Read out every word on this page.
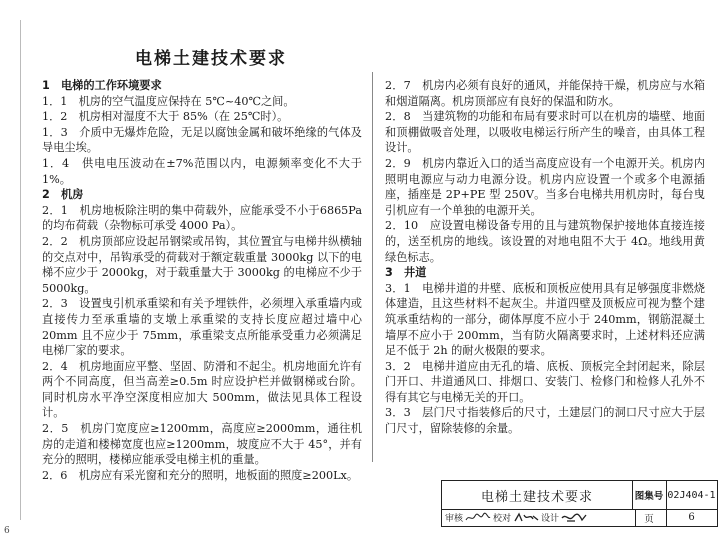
电梯土建技术要求

1　电梯的工作环境要求

1．1　机房的空气温度应保持在 5℃~40℃之间。

1．2　机房相对湿度不大于 85%（在 25℃时）。

1．3　介质中无爆炸危险，无足以腐蚀金属和破坏绝缘的气体及导电尘埃。

1．4　供电电压波动在±7%范围以内，电源频率变化不大于1%。

2　机房

2．1　机房地板除注明的集中荷载外，应能承受不小于6865Pa的均布荷载（杂物标可承受 4000 Pa）。

2．2　机房顶部应设起吊钢梁或吊钩，其位置宜与电梯井纵横轴的交点对中，吊钩承受的荷载对于额定载重量 3000kg 以下的电梯不应少于 2000kg，对于载重量大于 3000kg 的电梯应不少于 5000kg。

2．3　设置曳引机承重梁和有关予埋铁件，必须埋入承重墙内或直接传力至承重墙的支墩上承重梁的支持长度应超过墙中心 20mm 且不应少于 75mm，承重梁支点所能承受重力必须满足电梯厂家的要求。

2．4　机房地面应平整、坚固、防滑和不起尘。机房地面允许有两个不同高度，但当高差≥0.5m 时应设护栏并做钢梯或台阶。同时机房水平净空深度相应加大 500mm，做法见具体工程设计。

2．5　机房门宽度应≥1200mm，高度应≥2000mm，通往机房的走道和楼梯宽度也应≥1200mm，坡度应不大于 45°，并有充分的照明，楼梯应能承受电梯主机的重量。

2．6　机房应有采光窗和充分的照明，地板面的照度≥200Lx。

2．7　机房内必须有良好的通风，并能保持干燥，机房应与水箱和烟道隔离。机房顶部应有良好的保温和防水。

2．8　当建筑物的功能和布局有要求时可以在机房的墙壁、地面和顶棚做吸音处理，以吸收电梯运行所产生的噪音，由具体工程设计。

2．9　机房内靠近入口的适当高度应设有一个电源开关。机房内照明电源应与动力电源分设。机房内应设置一个或多个电源插座，插座是 2P+PE 型 250V。当多台电梯共用机房时，每台曳引机应有一个单独的电源开关。

2．10　应设置电梯设备专用的且与建筑物保护接地体直接连接的，送至机房的地线。该设置的对地电阻不大于 4Ω。地线用黄绿色标志。

3　井道

3．1　电梯井道的井壁、底板和顶板应使用具有足够强度非燃烧体建造，且这些材料不起灰尘。井道四壁及顶板应可视为整个建筑承重结构的一部分，砌体厚度不应小于 240mm，钢筋混凝土墙厚不应小于 200mm，当有防火隔离要求时，上述材料还应满足不低于 2h 的耐火极限的要求。

3．2　电梯井道应由无孔的墙、底板、顶板完全封闭起来，除层门开口、井道通风口、排烟口、安装门、检修门和检修人孔外不得有其它与电梯无关的开口。

3．3　层门尺寸指装修后的尺寸，土建层门的洞口尺寸应大于层门尺寸，留除装修的余量。

电梯土建技术要求	图集号 02J404-1
审核	校对	设计	页	6
6
